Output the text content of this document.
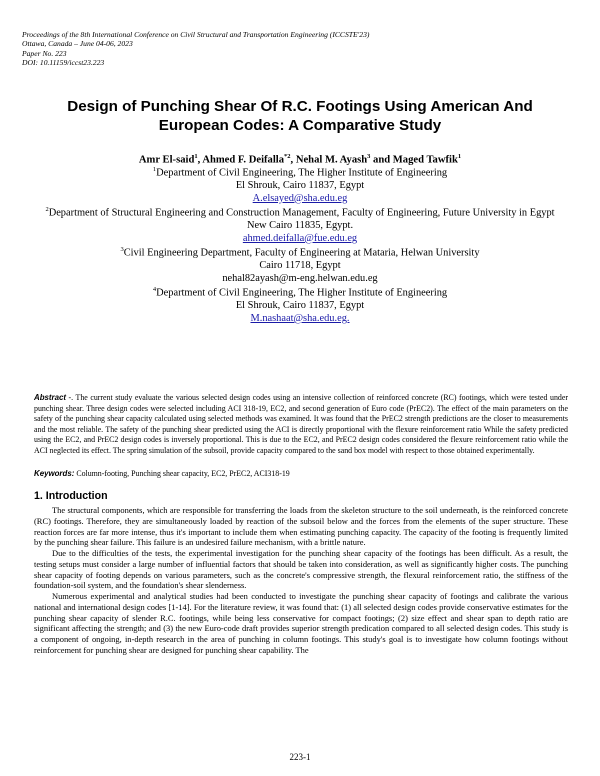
Proceedings of the 8th International Conference on Civil Structural and Transportation Engineering (ICCSTE'23)
Ottawa, Canada – June 04-06, 2023
Paper No. 223
DOI: 10.11159/iccst23.223
Design of Punching Shear Of R.C. Footings Using American And
European Codes: A Comparative Study
Amr El-said$^1$, Ahmed F. Deifalla$^{*2}$, Nehal M. Ayash$^3$ and Maged Tawfik$^1$
$^1$Department of Civil Engineering, The Higher Institute of Engineering
El Shrouk, Cairo 11837, Egypt
A.elsayed@sha.edu.eg
$^2$Department of Structural Engineering and Construction Management, Faculty of Engineering, Future University in Egypt
New Cairo 11835, Egypt.
ahmed.deifalla@fue.edu.eg
$^3$Civil Engineering Department, Faculty of Engineering at Mataria, Helwan University
Cairo 11718, Egypt
nehal82ayash@m-eng.helwan.edu.eg
$^4$Department of Civil Engineering, The Higher Institute of Engineering
El Shrouk, Cairo 11837, Egypt
M.nashaat@sha.edu.eg.
Abstract -. The current study evaluate the various selected design codes using an intensive collection of reinforced concrete (RC) footings, which were tested under punching shear. Three design codes were selected including ACI 318-19, EC2, and second generation of Euro code (PrEC2). The effect of the main parameters on the safety of the punching shear capacity calculated using selected methods was examined. It was found that the PrEC2 strength predictions are the closer to measurements and the most reliable. The safety of the punching shear predicted using the ACI is directly proportional with the flexure reinforcement ratio While the safety predicted using the EC2, and PrEC2 design codes is inversely proportional. This is due to the EC2, and PrEC2 design codes considered the flexure reinforcement ratio while the ACI neglected its effect. The spring simulation of the subsoil, provide capacity compared to the sand box model with respect to those obtained experimentally.
Keywords: Column-footing, Punching shear capacity, EC2, PrEC2, ACI318-19
1. Introduction

The structural components, which are responsible for transferring the loads from the skeleton structure to the soil underneath, is the reinforced concrete (RC) footings. Therefore, they are simultaneously loaded by reaction of the subsoil below and the forces from the elements of the super structure. These reaction forces are far more intense, thus it's important to include them when estimating punching capacity. The capacity of the footing is frequently limited by the punching shear failure. This failure is an undesired failure mechanism, with a brittle nature.

Due to the difficulties of the tests, the experimental investigation for the punching shear capacity of the footings has been difficult. As a result, the testing setups must consider a large number of influential factors that should be taken into consideration, as well as significantly higher costs. The punching shear capacity of footing depends on various parameters, such as the concrete's compressive strength, the flexural reinforcement ratio, the stiffness of the foundation-soil system, and the foundation's shear slenderness.

Numerous experimental and analytical studies had been conducted to investigate the punching shear capacity of footings and calibrate the various national and international design codes [1-14]. For the literature review, it was found that: (1) all selected design codes provide conservative estimates for the punching shear capacity of slender R.C. footings, while being less conservative for compact footings; (2) size effect and shear span to depth ratio are significant affecting the strength; and (3) the new Euro-code draft provides superior strength predication compared to all selected design codes. This study is a component of ongoing, in-depth research in the area of punching in column footings. This study's goal is to investigate how column footings without reinforcement for punching shear are designed for punching shear capability. The

223-1
